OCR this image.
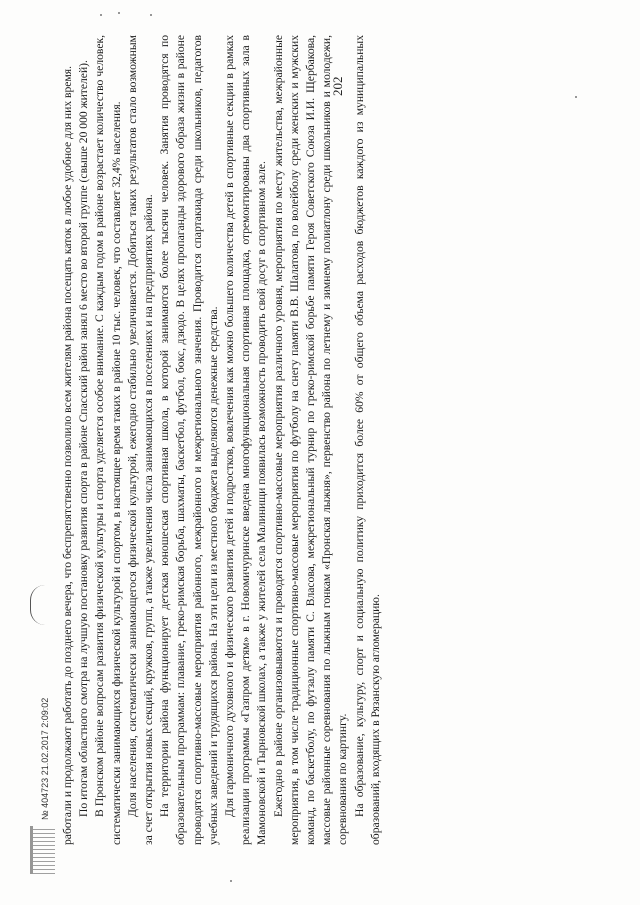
202

работали и продолжают работать до позднего вечера, что беспрепятственно позволило всем жителям района посещать каток в любое удобное для них время. По итогам областного смотра на лучшую постановку развития спорта в районе Спасский район занял 6 место во второй группе (свыше 20 000 жителей). В Пронском районе вопросам развития физической культуры и спорта уделяется особое внимание. С каждым годом в районе возрастает количество человек, систематически занимающихся физической культурой и спортом, в настоящее время таких в районе 10 тыс. человек, что составляет 32,4% населения. Доля населения, систематически занимающегося физической культурой, ежегодно стабильно увеличивается. Добиться таких результатов стало возможным за счет открытия новых секций, кружков, групп, а также увеличения числа занимающихся в поселениях и на предприятиях района. На территории района функционирует детская юношеская спортивная школа, в которой занимаются более тысячи человек. Занятия проводятся по образовательным программам: плавание, греко-римская борьба, шахматы, баскетбол, футбол, бокс, дзюдо. В целях пропаганды здорового образа жизни в районе проводятся спортивно-массовые мероприятия районного, межрайонного и межрегионального значения. Проводится спартакиада среди школьников, педагогов учебных заведений и трудящихся района. На эти цели из местного бюджета выделяются денежные средства. Для гармоничного духовного и физического развития детей и подростков, вовлечения как можно большего количества детей в спортивные секции в рамках реализации программы «Газпром детям» в г. Новомичуринске введена многофункциональная спортивная площадка, отремонтированы два спортивных зала в Мамоновской и Тырновской школах, а также у жителей села Малинищи появилась возможность проводить свой досуг в спортивном зале. Ежегодно в районе организовываются и проводятся спортивно-массовые мероприятия различного уровня, мероприятия по месту жительства, межрайонные мероприятия, в том числе традиционные спортивно-массовые мероприятия по футболу на снегу памяти В.В. Шалатова, по волейболу среди женских и мужских команд, по баскетболу, по футзалу памяти С. Власова, межрегиональный турнир по греко-римской борьбе памяти Героя Советского Союза И.И. Щербакова, массовые районные соревнования по лыжным гонкам «Пронская лыжня», первенство района по летнему и зимнему полиатлону среди школьников и молодежи, соревнования по картингу. На образование, культуру, спорт и социальную политику приходится более 60% от общего объема расходов бюджетов каждого из муниципальных образований, входящих в Рязанскую агломерацию.

№ 404723 21.02.2017 2:09:02
